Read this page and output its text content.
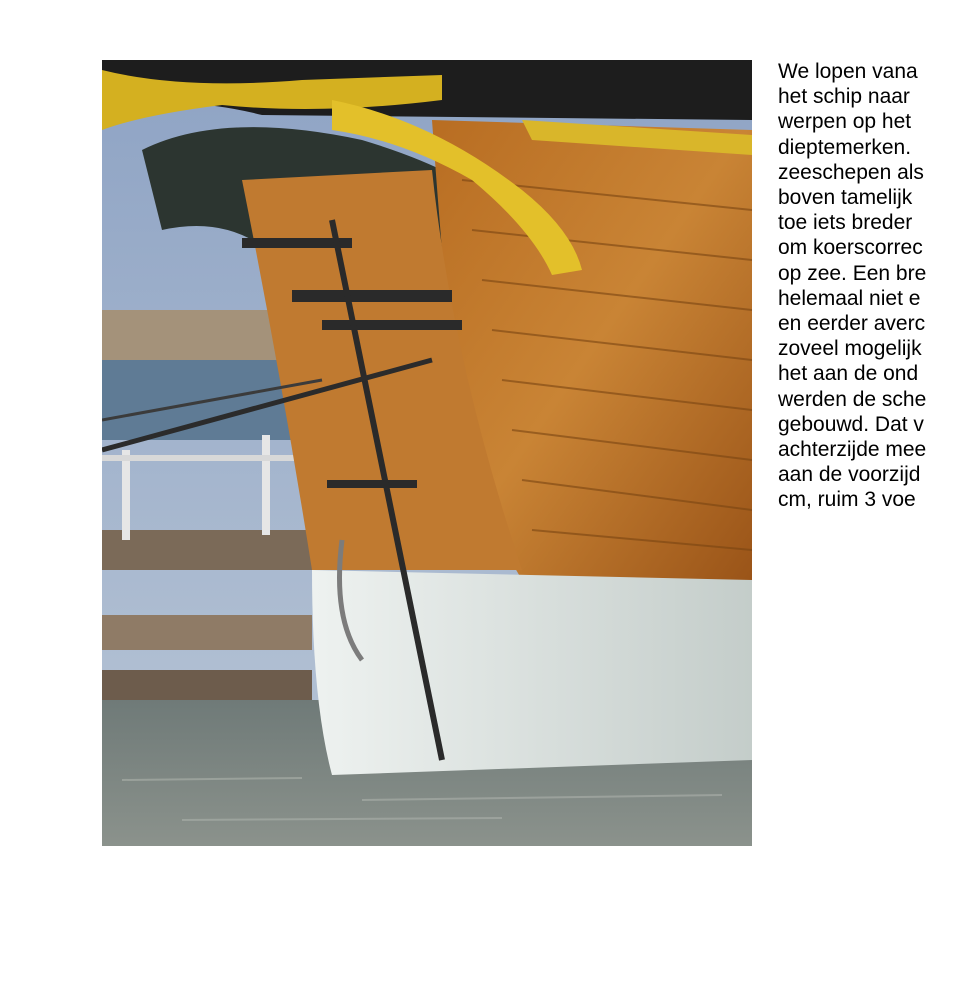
We lopen vana
het schip naar
werpen op het
dieptemerken.
zeeschepen als
boven tamelijk
toe iets breder
om koerscorrec
op zee. Een bre
helemaal niet e
en eerder averc
zoveel mogelijk
het aan de ond
werden de sche
gebouwd. Dat v
achterzijde mee
aan de voorzijd
cm, ruim 3 voe
